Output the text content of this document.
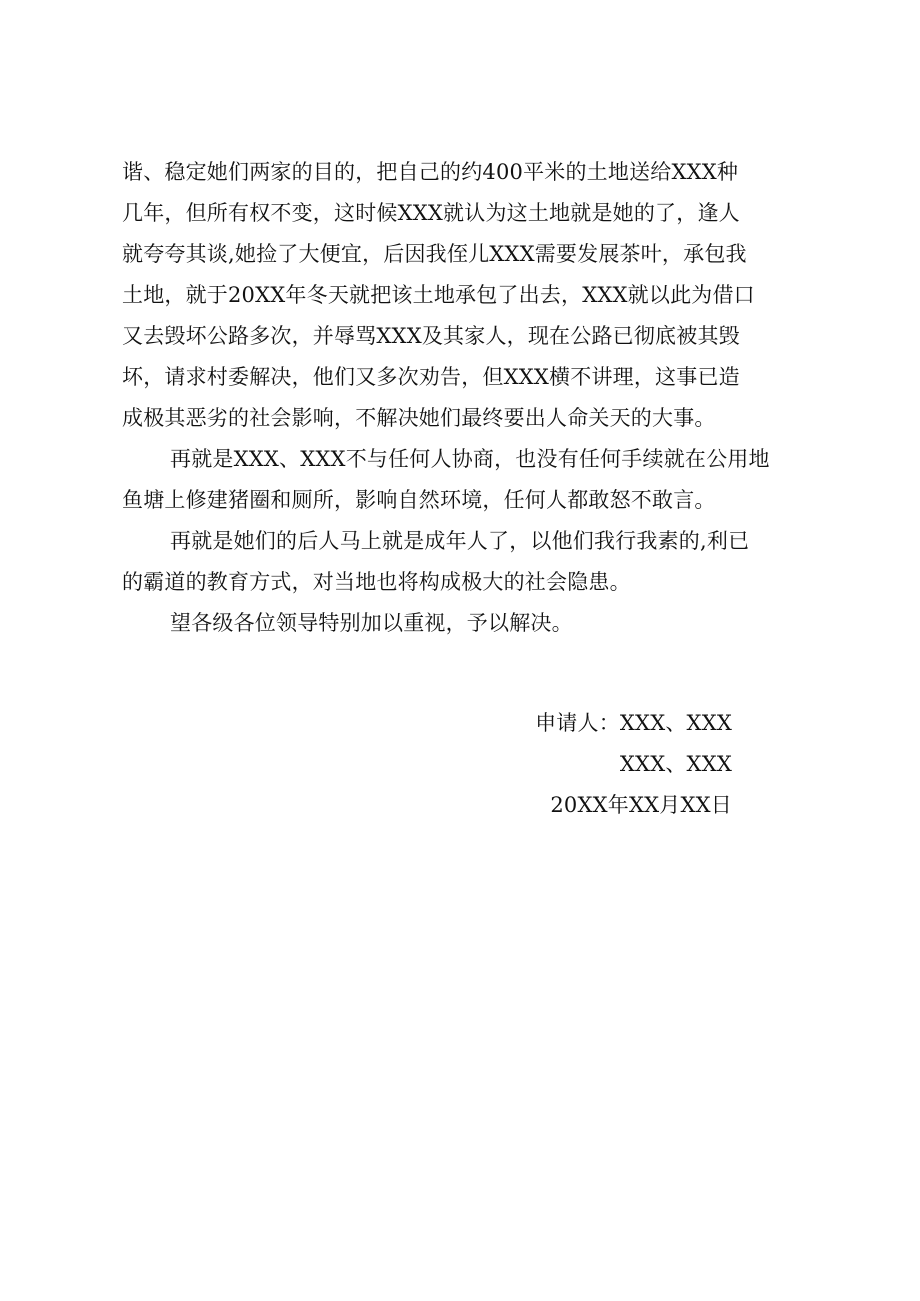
谐、稳定她们两家的目的，把自己的约400平米的土地送给XXX种
几年，但所有权不变，这时候XXX就认为这土地就是她的了，逢人
就夸夸其谈,她捡了大便宜，后因我侄儿XXX需要发展茶叶，承包我
土地，就于20XX年冬天就把该土地承包了出去，XXX就以此为借口
又去毁坏公路多次，并辱骂XXX及其家人，现在公路已彻底被其毁
坏，请求村委解决，他们又多次劝告，但XXX横不讲理，这事已造
成极其恶劣的社会影响，不解决她们最终要出人命关天的大事。
再就是XXX、XXX不与任何人协商，也没有任何手续就在公用地
鱼塘上修建猪圈和厕所，影响自然环境，任何人都敢怒不敢言。
再就是她们的后人马上就是成年人了，以他们我行我素的,利已
的霸道的教育方式，对当地也将构成极大的社会隐患。
望各级各位领导特别加以重视，予以解决。
申请人：XXX、XXX
XXX、XXX
20XX年XX月XX日
